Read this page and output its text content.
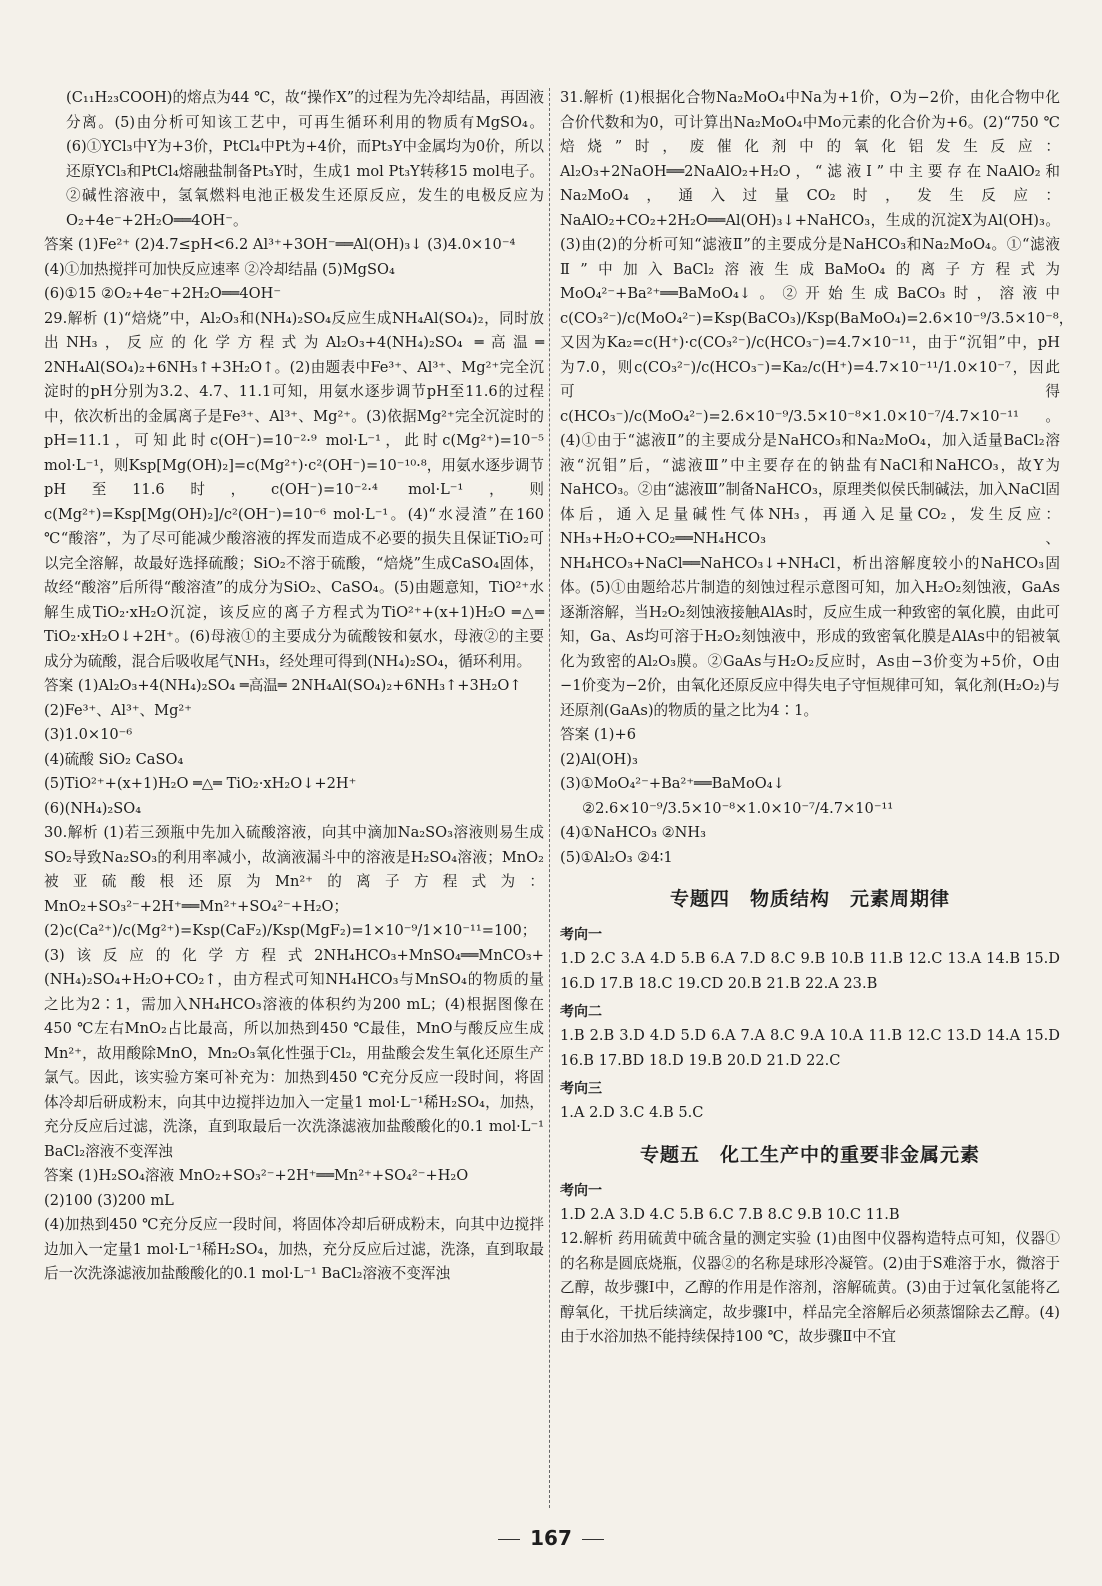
(C₁₁H₂₃COOH)的熔点为44 ℃，故“操作X”的过程为先冷却结晶，再固液分离。(5)由分析可知该工艺中，可再生循环利用的物质有MgSO₄。(6)①YCl₃中Y为+3价，PtCl₄中Pt为+4价，而Pt₃Y中金属均为0价，所以还原YCl₃和PtCl₄熔融盐制备Pt₃Y时，生成1 mol Pt₃Y转移15 mol电子。②碱性溶液中，氢氧燃料电池正极发生还原反应，发生的电极反应为O₂+4e⁻+2H₂O══4OH⁻。

答案 (1)Fe²⁺ (2)4.7≤pH<6.2 Al³⁺+3OH⁻══Al(OH)₃↓ (3)4.0×10⁻⁴

(4)①加热搅拌可加快反应速率 ②冷却结晶 (5)MgSO₄

(6)①15 ②O₂+4e⁻+2H₂O══4OH⁻

29.解析 (1)“焙烧”中，Al₂O₃和(NH₄)₂SO₄反应生成NH₄Al(SO₄)₂，同时放出NH₃，反应的化学方程式为Al₂O₃+4(NH₄)₂SO₄ ═高温═ 2NH₄Al(SO₄)₂+6NH₃↑+3H₂O↑。(2)由题表中Fe³⁺、Al³⁺、Mg²⁺完全沉淀时的pH分别为3.2、4.7、11.1可知，用氨水逐步调节pH至11.6的过程中，依次析出的金属离子是Fe³⁺、Al³⁺、Mg²⁺。(3)依据Mg²⁺完全沉淀时的pH=11.1，可知此时c(OH⁻)=10⁻²·⁹ mol·L⁻¹，此时c(Mg²⁺)=10⁻⁵ mol·L⁻¹，则Ksp[Mg(OH)₂]=c(Mg²⁺)·c²(OH⁻)=10⁻¹⁰·⁸，用氨水逐步调节pH至11.6时，c(OH⁻)=10⁻²·⁴ mol·L⁻¹，则c(Mg²⁺)=Ksp[Mg(OH)₂]/c²(OH⁻)=10⁻⁶ mol·L⁻¹。(4)“水浸渣”在160 ℃“酸溶”，为了尽可能减少酸溶液的挥发而造成不必要的损失且保证TiO₂可以完全溶解，故最好选择硫酸；SiO₂不溶于硫酸，“焙烧”生成CaSO₄固体，故经“酸溶”后所得“酸溶渣”的成分为SiO₂、CaSO₄。(5)由题意知，TiO²⁺水解生成TiO₂·xH₂O沉淀，该反应的离子方程式为TiO²⁺+(x+1)H₂O ═△═ TiO₂·xH₂O↓+2H⁺。(6)母液①的主要成分为硫酸铵和氨水，母液②的主要成分为硫酸，混合后吸收尾气NH₃，经处理可得到(NH₄)₂SO₄，循环利用。

答案 (1)Al₂O₃+4(NH₄)₂SO₄ ═高温═ 2NH₄Al(SO₄)₂+6NH₃↑+3H₂O↑

(2)Fe³⁺、Al³⁺、Mg²⁺

(3)1.0×10⁻⁶

(4)硫酸 SiO₂ CaSO₄

(5)TiO²⁺+(x+1)H₂O ═△═ TiO₂·xH₂O↓+2H⁺

(6)(NH₄)₂SO₄

30.解析 (1)若三颈瓶中先加入硫酸溶液，向其中滴加Na₂SO₃溶液则易生成SO₂导致Na₂SO₃的利用率减小，故滴液漏斗中的溶液是H₂SO₄溶液；MnO₂被亚硫酸根还原为Mn²⁺的离子方程式为：MnO₂+SO₃²⁻+2H⁺══Mn²⁺+SO₄²⁻+H₂O；(2)c(Ca²⁺)/c(Mg²⁺)=Ksp(CaF₂)/Ksp(MgF₂)=1×10⁻⁹/1×10⁻¹¹=100；(3)该反应的化学方程式2NH₄HCO₃+MnSO₄══MnCO₃+(NH₄)₂SO₄+H₂O+CO₂↑，由方程式可知NH₄HCO₃与MnSO₄的物质的量之比为2∶1，需加入NH₄HCO₃溶液的体积约为200 mL；(4)根据图像在450 ℃左右MnO₂占比最高，所以加热到450 ℃最佳，MnO与酸反应生成Mn²⁺，故用酸除MnO，Mn₂O₃氧化性强于Cl₂，用盐酸会发生氧化还原生产氯气。因此，该实验方案可补充为：加热到450 ℃充分反应一段时间，将固体冷却后研成粉末，向其中边搅拌边加入一定量1 mol·L⁻¹稀H₂SO₄，加热，充分反应后过滤，洗涤，直到取最后一次洗涤滤液加盐酸酸化的0.1 mol·L⁻¹ BaCl₂溶液不变浑浊

答案 (1)H₂SO₄溶液 MnO₂+SO₃²⁻+2H⁺══Mn²⁺+SO₄²⁻+H₂O

(2)100 (3)200 mL

(4)加热到450 ℃充分反应一段时间，将固体冷却后研成粉末，向其中边搅拌边加入一定量1 mol·L⁻¹稀H₂SO₄，加热，充分反应后过滤，洗涤，直到取最后一次洗涤滤液加盐酸酸化的0.1 mol·L⁻¹ BaCl₂溶液不变浑浊

31.解析 (1)根据化合物Na₂MoO₄中Na为+1价，O为−2价，由化合物中化合价代数和为0，可计算出Na₂MoO₄中Mo元素的化合价为+6。(2)“750 ℃焙烧”时，废催化剂中的氧化铝发生反应：Al₂O₃+2NaOH══2NaAlO₂+H₂O，“滤液Ⅰ”中主要存在NaAlO₂和Na₂MoO₄，通入过量CO₂时，发生反应：NaAlO₂+CO₂+2H₂O══Al(OH)₃↓+NaHCO₃，生成的沉淀X为Al(OH)₃。(3)由(2)的分析可知“滤液Ⅱ”的主要成分是NaHCO₃和Na₂MoO₄。①“滤液Ⅱ”中加入BaCl₂溶液生成BaMoO₄的离子方程式为MoO₄²⁻+Ba²⁺══BaMoO₄↓。②开始生成BaCO₃时，溶液中c(CO₃²⁻)/c(MoO₄²⁻)=Ksp(BaCO₃)/Ksp(BaMoO₄)=2.6×10⁻⁹/3.5×10⁻⁸，又因为Ka₂=c(H⁺)·c(CO₃²⁻)/c(HCO₃⁻)=4.7×10⁻¹¹，由于“沉钼”中，pH为7.0，则c(CO₃²⁻)/c(HCO₃⁻)=Ka₂/c(H⁺)=4.7×10⁻¹¹/1.0×10⁻⁷，因此可得c(HCO₃⁻)/c(MoO₄²⁻)=2.6×10⁻⁹/3.5×10⁻⁸×1.0×10⁻⁷/4.7×10⁻¹¹。(4)①由于“滤液Ⅱ”的主要成分是NaHCO₃和Na₂MoO₄，加入适量BaCl₂溶液“沉钼”后，“滤液Ⅲ”中主要存在的钠盐有NaCl和NaHCO₃，故Y为NaHCO₃。②由“滤液Ⅲ”制备NaHCO₃，原理类似侯氏制碱法，加入NaCl固体后，通入足量碱性气体NH₃，再通入足量CO₂，发生反应：NH₃+H₂O+CO₂══NH₄HCO₃、NH₄HCO₃+NaCl══NaHCO₃↓+NH₄Cl，析出溶解度较小的NaHCO₃固体。(5)①由题给芯片制造的刻蚀过程示意图可知，加入H₂O₂刻蚀液，GaAs逐渐溶解，当H₂O₂刻蚀液接触AlAs时，反应生成一种致密的氧化膜，由此可知，Ga、As均可溶于H₂O₂刻蚀液中，形成的致密氧化膜是AlAs中的铝被氧化为致密的Al₂O₃膜。②GaAs与H₂O₂反应时，As由−3价变为+5价，O由−1价变为−2价，由氧化还原反应中得失电子守恒规律可知，氧化剂(H₂O₂)与还原剂(GaAs)的物质的量之比为4∶1。

答案 (1)+6

(2)Al(OH)₃

(3)①MoO₄²⁻+Ba²⁺══BaMoO₄↓

②2.6×10⁻⁹/3.5×10⁻⁸×1.0×10⁻⁷/4.7×10⁻¹¹

(4)①NaHCO₃ ②NH₃

(5)①Al₂O₃ ②4∶1

专题四　物质结构　元素周期律
考向一

1.D 2.C 3.A 4.D 5.B 6.A 7.D 8.C 9.B 10.B 11.B 12.C 13.A 14.B 15.D 16.D 17.B 18.C 19.CD 20.B 21.B 22.A 23.B

考向二

1.B 2.B 3.D 4.D 5.D 6.A 7.A 8.C 9.A 10.A 11.B 12.C 13.D 14.A 15.D 16.B 17.BD 18.D 19.B 20.D 21.D 22.C

考向三

1.A 2.D 3.C 4.B 5.C

专题五　化工生产中的重要非金属元素
考向一

1.D 2.A 3.D 4.C 5.B 6.C 7.B 8.C 9.B 10.C 11.B

12.解析 药用硫黄中硫含量的测定实验 (1)由图中仪器构造特点可知，仪器①的名称是圆底烧瓶，仪器②的名称是球形冷凝管。(2)由于S难溶于水，微溶于乙醇，故步骤Ⅰ中，乙醇的作用是作溶剂，溶解硫黄。(3)由于过氧化氢能将乙醇氧化，干扰后续滴定，故步骤Ⅰ中，样品完全溶解后必须蒸馏除去乙醇。(4)由于水浴加热不能持续保持100 ℃，故步骤Ⅱ中不宜

167
